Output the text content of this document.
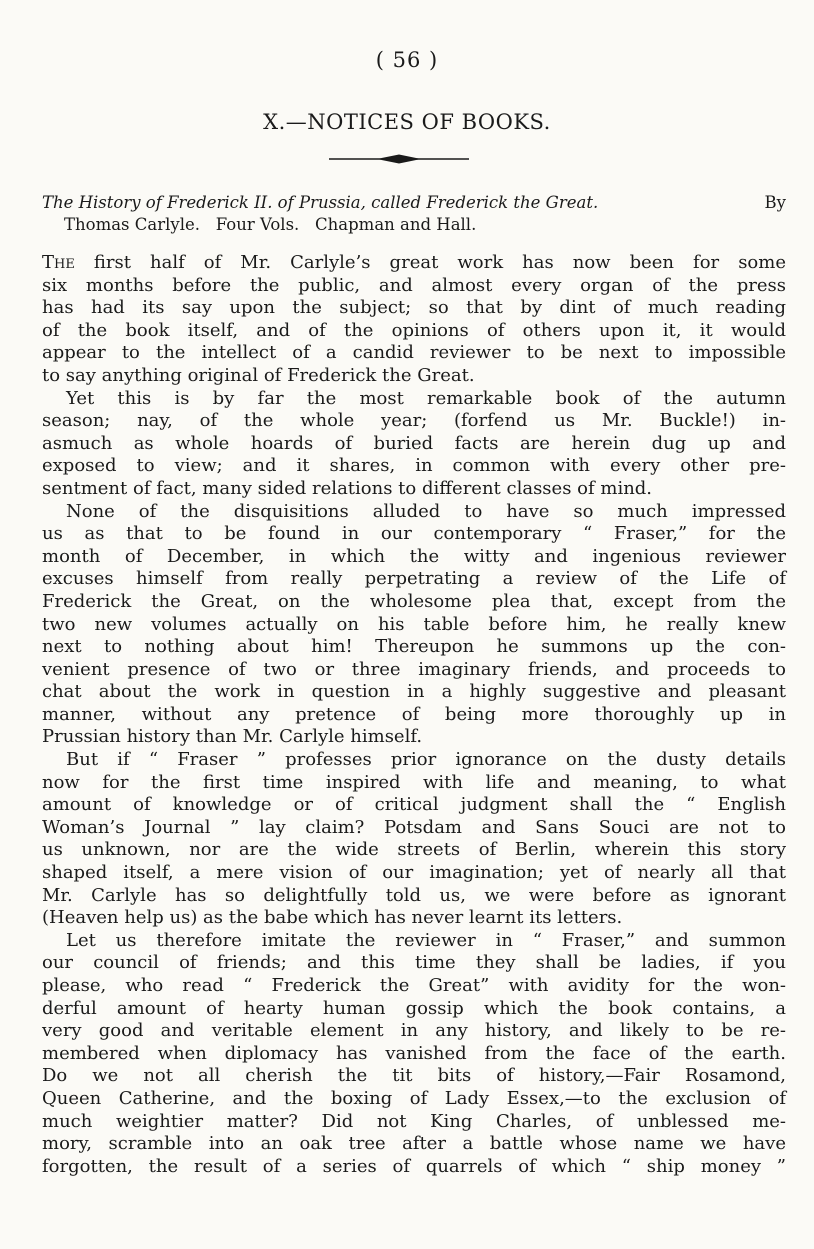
( 56 )
X.—NOTICES OF BOOKS.
The History of Frederick II. of Prussia, called Frederick the Great.	By
Thomas Carlyle.   Four Vols.   Chapman and Hall.
The first half of Mr. Carlyle’s great work has now been for some
six months before the public, and almost every organ of the press
has had its say upon the subject; so that by dint of much reading
of the book itself, and of the opinions of others upon it, it would
appear to the intellect of a candid reviewer to be next to impossible
to say anything original of Frederick the Great.
Yet this is by far the most remarkable book of the autumn
season; nay, of the whole year; (forfend us Mr. Buckle!) in-
asmuch as whole hoards of buried facts are herein dug up and
exposed to view; and it shares, in common with every other pre-
sentment of fact, many sided relations to different classes of mind.
None of the disquisitions alluded to have so much impressed
us as that to be found in our contemporary “ Fraser,” for the
month of December, in which the witty and ingenious reviewer
excuses himself from really perpetrating a review of the Life of
Frederick the Great, on the wholesome plea that, except from the
two new volumes actually on his table before him, he really knew
next to nothing about him! Thereupon he summons up the con-
venient presence of two or three imaginary friends, and proceeds to
chat about the work in question in a highly suggestive and pleasant
manner, without any pretence of being more thoroughly up in
Prussian history than Mr. Carlyle himself.
But if “ Fraser ” professes prior ignorance on the dusty details
now for the first time inspired with life and meaning, to what
amount of knowledge or of critical judgment shall the “ English
Woman’s Journal ” lay claim? Potsdam and Sans Souci are not to
us unknown, nor are the wide streets of Berlin, wherein this story
shaped itself, a mere vision of our imagination; yet of nearly all that
Mr. Carlyle has so delightfully told us, we were before as ignorant
(Heaven help us) as the babe which has never learnt its letters.
Let us therefore imitate the reviewer in “ Fraser,” and summon
our council of friends; and this time they shall be ladies, if you
please, who read “ Frederick the Great” with avidity for the won-
derful amount of hearty human gossip which the book contains, a
very good and veritable element in any history, and likely to be re-
membered when diplomacy has vanished from the face of the earth.
Do we not all cherish the tit bits of history,—Fair Rosamond,
Queen Catherine, and the boxing of Lady Essex,—to the exclusion of
much weightier matter? Did not King Charles, of unblessed me-
mory, scramble into an oak tree after a battle whose name we have
forgotten, the result of a series of quarrels of which “ ship money ”
